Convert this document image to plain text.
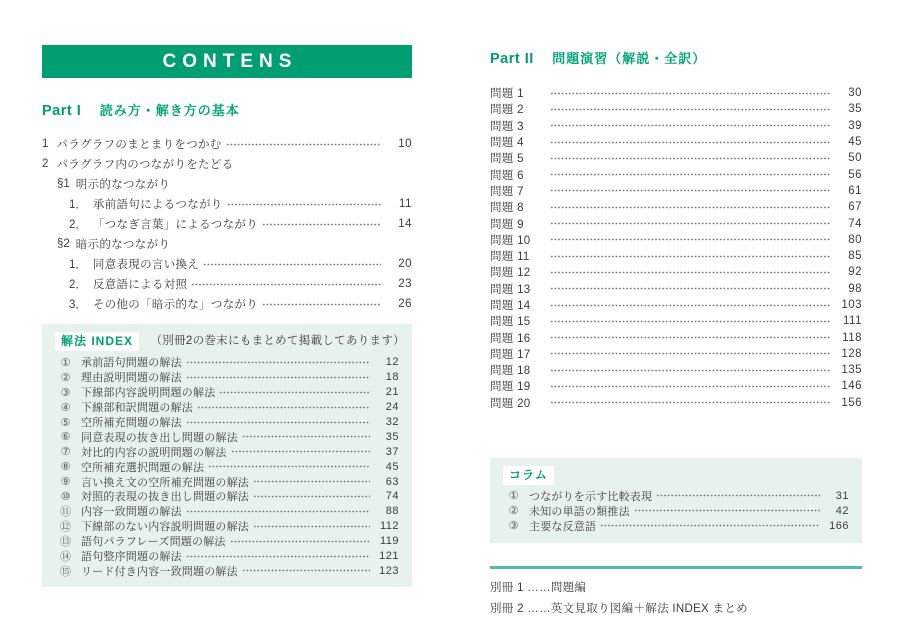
CONTENS
Part I 読み方・解き方の基本
1 パラグラフのまとまりをつかむ	10
2 パラグラフ内のつながりをたどる
§1 明示的なつながり
1． 承前語句によるつながり	11
2． 「つなぎ言葉」によるつながり	14
§2 暗示的なつながり
1． 同意表現の言い換え	20
2． 反意語による対照	23
3． その他の「暗示的な」つながり	26
解法 INDEX （別冊2の巻末にもまとめて掲載してあります）
① 承前語句問題の解法	12
② 理由説明問題の解法	18
③ 下線部内容説明問題の解法	21
④ 下線部和訳問題の解法	24
⑤ 空所補充問題の解法	32
⑥ 同意表現の抜き出し問題の解法	35
⑦ 対比的内容の説明問題の解法	37
⑧ 空所補充選択問題の解法	45
⑨ 言い換え文の空所補充問題の解法	63
⑩ 対照的表現の抜き出し問題の解法	74
⑪ 内容一致問題の解法	88
⑫ 下線部のない内容説明問題の解法	112
⑬ 語句パラフレーズ問題の解法	119
⑭ 語句整序問題の解法	121
⑮ リード付き内容一致問題の解法	123
Part II 問題演習（解説・全訳）
問題 1	30
問題 2	35
問題 3	39
問題 4	45
問題 5	50
問題 6	56
問題 7	61
問題 8	67
問題 9	74
問題 10	80
問題 11	85
問題 12	92
問題 13	98
問題 14	103
問題 15	111
問題 16	118
問題 17	128
問題 18	135
問題 19	146
問題 20	156
コラム
① つながりを示す比較表現	31
② 未知の単語の類推法	42
③ 主要な反意語	166
別冊 1 ……問題編
別冊 2 ……英文見取り図編＋解法 INDEX まとめ
